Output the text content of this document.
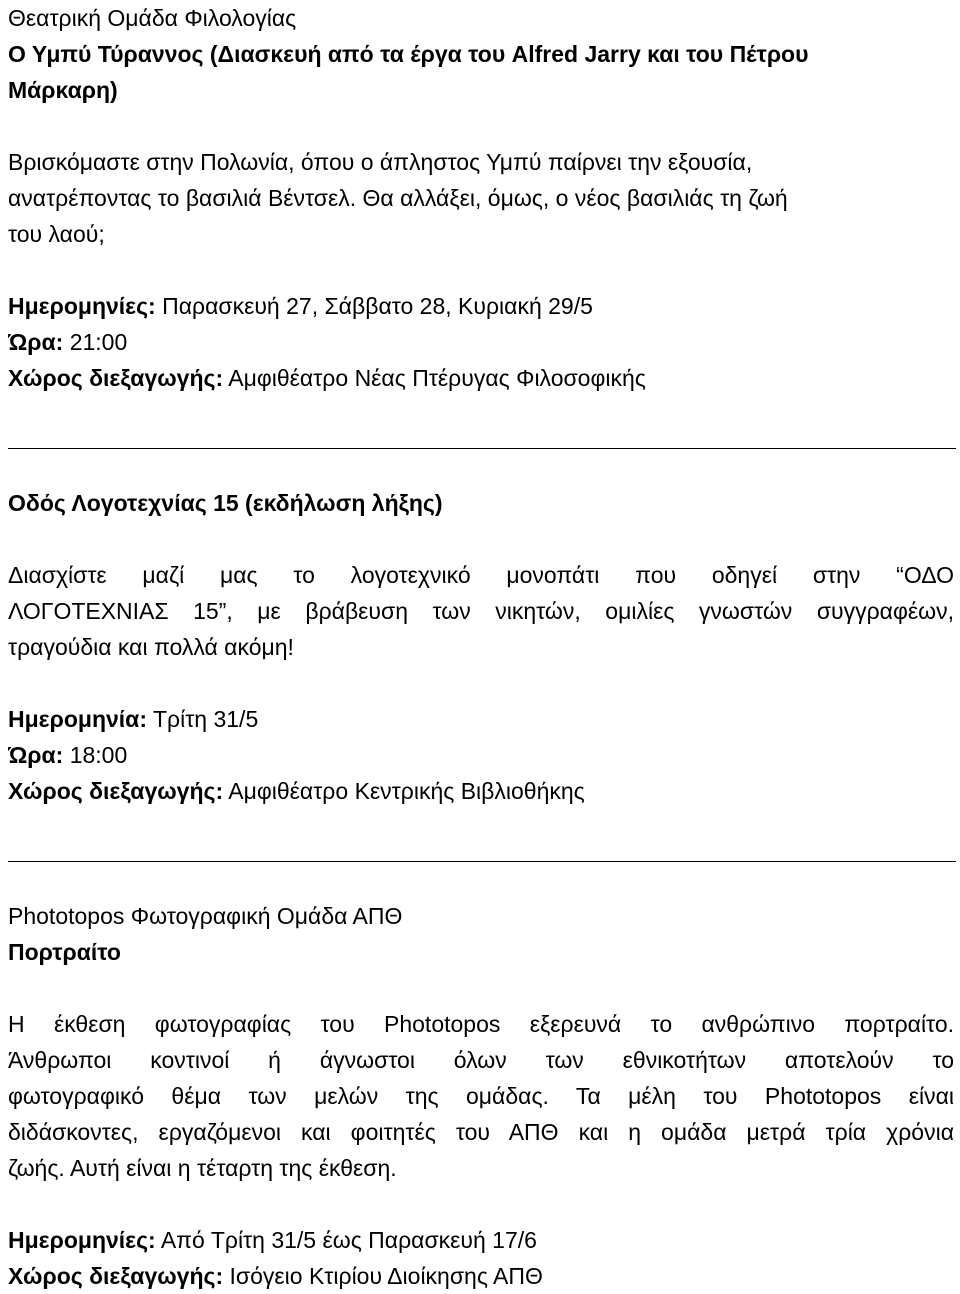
Θεατρική Ομάδα Φιλολογίας
Ο Υμπύ Τύραννος (Διασκευή από τα έργα του Alfred Jarry και του Πέτρου
Μάρκαρη)
Βρισκόμαστε στην Πολωνία, όπου ο άπληστος Υμπύ παίρνει την εξουσία,
ανατρέποντας το βασιλιά Βέντσελ. Θα αλλάξει, όμως, ο νέος βασιλιάς τη ζωή
του λαού;
Ημερομηνίες: Παρασκευή 27, Σάββατο 28, Κυριακή 29/5
Ώρα: 21:00
Χώρος διεξαγωγής: Αμφιθέατρο Νέας Πτέρυγας Φιλοσοφικής
Οδός Λογοτεχνίας 15 (εκδήλωση λήξης)
Διασχίστε μαζί μας το λογοτεχνικό μονοπάτι που οδηγεί στην “ΟΔΟ
ΛΟΓΟΤΕΧΝΙΑΣ 15”, με βράβευση των νικητών, ομιλίες γνωστών συγγραφέων,
τραγούδια και πολλά ακόμη!
Ημερομηνία: Τρίτη 31/5
Ώρα: 18:00
Χώρος διεξαγωγής: Αμφιθέατρο Κεντρικής Βιβλιοθήκης
Phototopos Φωτογραφική Ομάδα ΑΠΘ
Πορτραίτο
Η έκθεση φωτογραφίας του Phototopos εξερευνά το ανθρώπινο πορτραίτο.
Άνθρωποι κοντινοί ή άγνωστοι όλων των εθνικοτήτων αποτελούν το
φωτογραφικό θέμα των μελών της ομάδας. Τα μέλη του Phototopos είναι
διδάσκοντες, εργαζόμενοι και φοιτητές του ΑΠΘ και η ομάδα μετρά τρία χρόνια
ζωής. Αυτή είναι η τέταρτη της έκθεση.
Ημερομηνίες: Από Τρίτη 31/5 έως Παρασκευή 17/6
Χώρος διεξαγωγής: Ισόγειο Κτιρίου Διοίκησης ΑΠΘ
